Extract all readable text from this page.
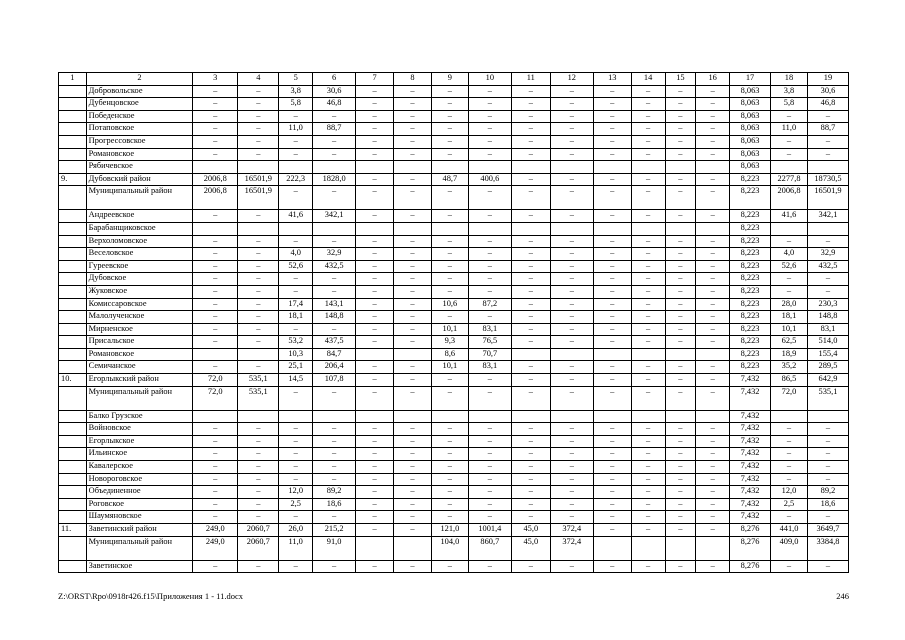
1	2	3	4	5	6	7	8	9	10	11	12	13	14	15	16	17	18	19
	Добровольское	–	–	3,8	30,6	–	–	–	–	–	–	–	–	–	–	8,063	3,8	30,6
	Дубенцовское	–	–	5,8	46,8	–	–	–	–	–	–	–	–	–	–	8,063	5,8	46,8
	Победенское	–	–	–	–	–	–	–	–	–	–	–	–	–	–	8,063	–	–
	Потаповское	–	–	11,0	88,7	–	–	–	–	–	–	–	–	–	–	8,063	11,0	88,7
	Прогрессовское	–	–	–	–	–	–	–	–	–	–	–	–	–	–	8,063	–	–
	Романовское	–	–	–	–	–	–	–	–	–	–	–	–	–	–	8,063	–	–
	Рябичевское															8,063		
9.	Дубовский район	2006,8	16501,9	222,3	1828,0	–	–	48,7	400,6	–	–	–	–	–	–	8,223	2277,8	18730,5
	Муниципальный район	2006,8	16501,9	–	–	–	–	–	–	–	–	–	–	–	–	8,223	2006,8	16501,9
	Андреевское	–	–	41,6	342,1	–	–	–	–	–	–	–	–	–	–	8,223	41,6	342,1
	Барабанщиковское															8,223		
	Верхоломовское	–	–	–	–	–	–	–	–	–	–	–	–	–	–	8,223	–	–
	Веселовское	–	–	4,0	32,9	–	–	–	–	–	–	–	–	–	–	8,223	4,0	32,9
	Гуреевское	–	–	52,6	432,5	–	–	–	–	–	–	–	–	–	–	8,223	52,6	432,5
	Дубовское	–	–	–	–	–	–	–	–	–	–	–	–	–	–	8,223	–	–
	Жуковское	–	–	–	–	–	–	–	–	–	–	–	–	–	–	8,223	–	–
	Комиссаровское	–	–	17,4	143,1	–	–	10,6	87,2	–	–	–	–	–	–	8,223	28,0	230,3
	Малолученское	–	–	18,1	148,8	–	–	–	–	–	–	–	–	–	–	8,223	18,1	148,8
	Мирненское	–	–	–	–	–	–	10,1	83,1	–	–	–	–	–	–	8,223	10,1	83,1
	Присальское	–	–	53,2	437,5	–	–	9,3	76,5	–	–	–	–	–	–	8,223	62,5	514,0
	Романовское			10,3	84,7			8,6	70,7							8,223	18,9	155,4
	Семичанское	–	–	25,1	206,4	–	–	10,1	83,1	–	–	–	–	–	–	8,223	35,2	289,5
10.	Егорлыкский район	72,0	535,1	14,5	107,8	–	–	–	–	–	–	–	–	–	–	7,432	86,5	642,9
	Муниципальный район	72,0	535,1	–	–	–	–	–	–	–	–	–	–	–	–	7,432	72,0	535,1
	Балко Грузское															7,432		
	Войновское	–	–	–	–	–	–	–	–	–	–	–	–	–	–	7,432	–	–
	Егорлыкское	–	–	–	–	–	–	–	–	–	–	–	–	–	–	7,432	–	–
	Ильинское	–	–	–	–	–	–	–	–	–	–	–	–	–	–	7,432	–	–
	Кавалерское	–	–	–	–	–	–	–	–	–	–	–	–	–	–	7,432	–	–
	Новороговское	–	–	–	–	–	–	–	–	–	–	–	–	–	–	7,432	–	–
	Объединенное	–	–	12,0	89,2	–	–	–	–	–	–	–	–	–	–	7,432	12,0	89,2
	Роговское	–	–	2,5	18,6	–	–	–	–	–	–	–	–	–	–	7,432	2,5	18,6
	Шаумяновское	–	–	–	–	–	–	–	–	–	–	–	–	–	–	7,432	–	–
11.	Заветинский район	249,0	2060,7	26,0	215,2	–	–	121,0	1001,4	45,0	372,4	–	–	–	–	8,276	441,0	3649,7
	Муниципальный район	249,0	2060,7	11,0	91,0			104,0	860,7	45,0	372,4					8,276	409,0	3384,8
	Заветинское	–	–	–	–	–	–	–	–	–	–	–	–	–	–	8,276	–	–
Z:\ORST\Rpo\0918r426.f15\Приложения 1 - 11.docx	246
